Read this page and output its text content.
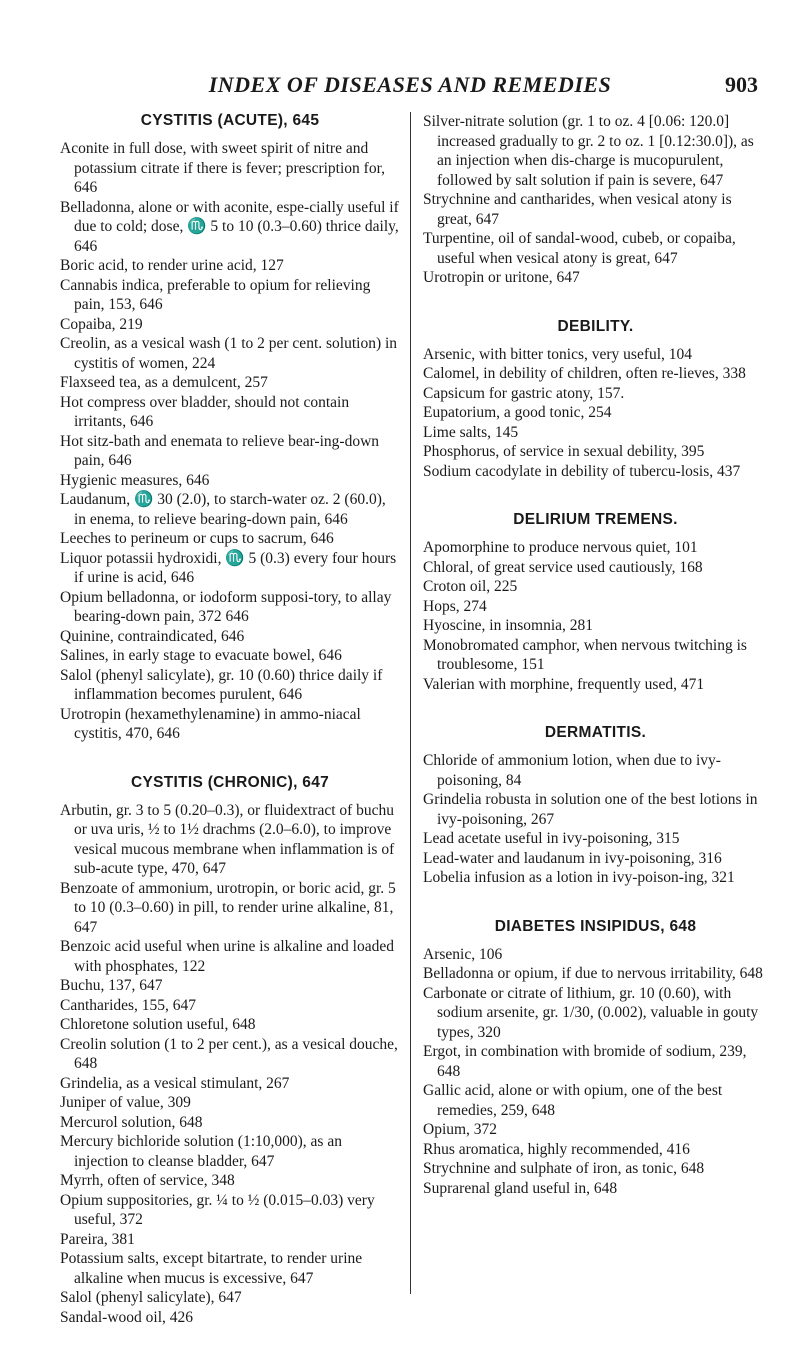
INDEX OF DISEASES AND REMEDIES	903
CYSTITIS (ACUTE), 645

Aconite in full dose, with sweet spirit of nitre and potassium citrate if there is fever; prescription for, 646

Belladonna, alone or with aconite, espe-cially useful if due to cold; dose, ♏ 5 to 10 (0.3–0.60) thrice daily, 646

Boric acid, to render urine acid, 127

Cannabis indica, preferable to opium for relieving pain, 153, 646

Copaiba, 219

Creolin, as a vesical wash (1 to 2 per cent. solution) in cystitis of women, 224

Flaxseed tea, as a demulcent, 257

Hot compress over bladder, should not contain irritants, 646

Hot sitz-bath and enemata to relieve bear-ing-down pain, 646

Hygienic measures, 646

Laudanum, ♏ 30 (2.0), to starch-water oz. 2 (60.0), in enema, to relieve bearing-down pain, 646

Leeches to perineum or cups to sacrum, 646

Liquor potassii hydroxidi, ♏ 5 (0.3) every four hours if urine is acid, 646

Opium belladonna, or iodoform supposi-tory, to allay bearing-down pain, 372 646

Quinine, contraindicated, 646

Salines, in early stage to evacuate bowel, 646

Salol (phenyl salicylate), gr. 10 (0.60) thrice daily if inflammation becomes purulent, 646

Urotropin (hexamethylenamine) in ammo-niacal cystitis, 470, 646

CYSTITIS (CHRONIC), 647

Arbutin, gr. 3 to 5 (0.20–0.3), or fluidextract of buchu or uva uris, ½ to 1½ drachms (2.0–6.0), to improve vesical mucous membrane when inflammation is of sub-acute type, 470, 647

Benzoate of ammonium, urotropin, or boric acid, gr. 5 to 10 (0.3–0.60) in pill, to render urine alkaline, 81, 647

Benzoic acid useful when urine is alkaline and loaded with phosphates, 122

Buchu, 137, 647

Cantharides, 155, 647

Chloretone solution useful, 648

Creolin solution (1 to 2 per cent.), as a vesical douche, 648

Grindelia, as a vesical stimulant, 267

Juniper of value, 309

Mercurol solution, 648

Mercury bichloride solution (1:10,000), as an injection to cleanse bladder, 647

Myrrh, often of service, 348

Opium suppositories, gr. ¼ to ½ (0.015–0.03) very useful, 372

Pareira, 381

Potassium salts, except bitartrate, to render urine alkaline when mucus is excessive, 647

Salol (phenyl salicylate), 647

Sandal-wood oil, 426

Silver-nitrate solution (gr. 1 to oz. 4 [0.06: 120.0] increased gradually to gr. 2 to oz. 1 [0.12:30.0]), as an injection when dis-charge is mucopurulent, followed by salt solution if pain is severe, 647

Strychnine and cantharides, when vesical atony is great, 647

Turpentine, oil of sandal-wood, cubeb, or copaiba, useful when vesical atony is great, 647

Urotropin or uritone, 647

DEBILITY.

Arsenic, with bitter tonics, very useful, 104

Calomel, in debility of children, often re-lieves, 338

Capsicum for gastric atony, 157.

Eupatorium, a good tonic, 254

Lime salts, 145

Phosphorus, of service in sexual debility, 395

Sodium cacodylate in debility of tubercu-losis, 437

DELIRIUM TREMENS.

Apomorphine to produce nervous quiet, 101

Chloral, of great service used cautiously, 168

Croton oil, 225

Hops, 274

Hyoscine, in insomnia, 281

Monobromated camphor, when nervous twitching is troublesome, 151

Valerian with morphine, frequently used, 471

DERMATITIS.

Chloride of ammonium lotion, when due to ivy-poisoning, 84

Grindelia robusta in solution one of the best lotions in ivy-poisoning, 267

Lead acetate useful in ivy-poisoning, 315

Lead-water and laudanum in ivy-poisoning, 316

Lobelia infusion as a lotion in ivy-poison-ing, 321

DIABETES INSIPIDUS, 648

Arsenic, 106

Belladonna or opium, if due to nervous irritability, 648

Carbonate or citrate of lithium, gr. 10 (0.60), with sodium arsenite, gr. 1/30, (0.002), valuable in gouty types, 320

Ergot, in combination with bromide of sodium, 239, 648

Gallic acid, alone or with opium, one of the best remedies, 259, 648

Opium, 372

Rhus aromatica, highly recommended, 416

Strychnine and sulphate of iron, as tonic, 648

Suprarenal gland useful in, 648
